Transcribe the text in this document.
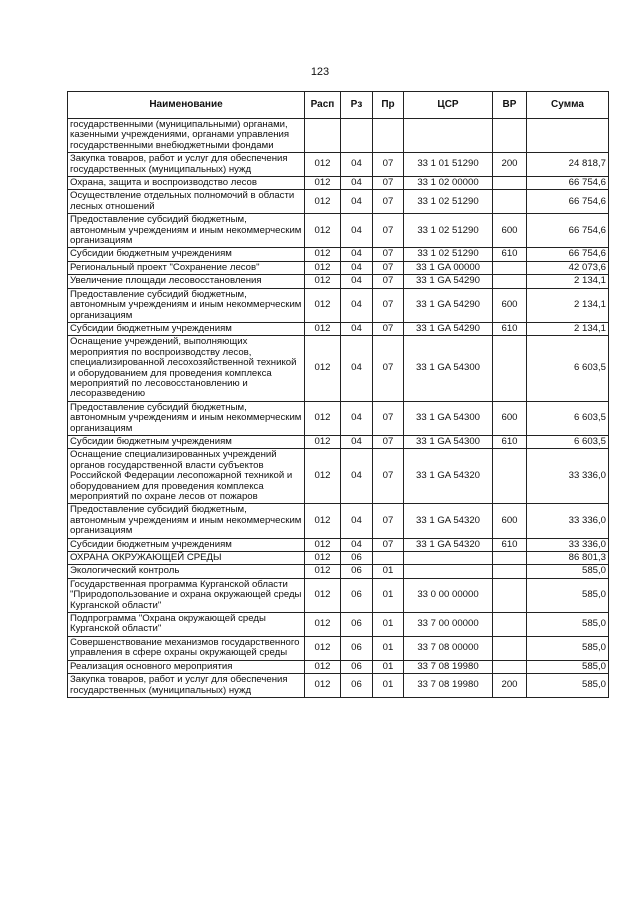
123
Наименование	Расп	Рз	Пр	ЦСР	ВР	Сумма
государственными (муниципальными) органами, казенными учреждениями, органами управления государственными внебюджетными фондами						
Закупка товаров, работ и услуг для обеспечения государственных (муниципальных) нужд	012	04	07	33 1 01 51290	200	24 818,7
Охрана, защита и воспроизводство лесов	012	04	07	33 1 02 00000		66 754,6
Осуществление отдельных полномочий в области лесных отношений	012	04	07	33 1 02 51290		66 754,6
Предоставление субсидий бюджетным, автономным учреждениям и иным некоммерческим организациям	012	04	07	33 1 02 51290	600	66 754,6
Субсидии бюджетным учреждениям	012	04	07	33 1 02 51290	610	66 754,6
Региональный проект "Сохранение лесов"	012	04	07	33 1 GA 00000		42 073,6
Увеличение площади лесовосстановления	012	04	07	33 1 GA 54290		2 134,1
Предоставление субсидий бюджетным, автономным учреждениям и иным некоммерческим организациям	012	04	07	33 1 GA 54290	600	2 134,1
Субсидии бюджетным учреждениям	012	04	07	33 1 GA 54290	610	2 134,1
Оснащение учреждений, выполняющих мероприятия по воспроизводству лесов, специализированной лесохозяйственной техникой и оборудованием для проведения комплекса мероприятий по лесовосстановлению и лесоразведению	012	04	07	33 1 GA 54300		6 603,5
Предоставление субсидий бюджетным, автономным учреждениям и иным некоммерческим организациям	012	04	07	33 1 GA 54300	600	6 603,5
Субсидии бюджетным учреждениям	012	04	07	33 1 GA 54300	610	6 603,5
Оснащение специализированных учреждений органов государственной власти субъектов Российской Федерации лесопожарной техникой и оборудованием для проведения комплекса мероприятий по охране лесов от пожаров	012	04	07	33 1 GA 54320		33 336,0
Предоставление субсидий бюджетным, автономным учреждениям и иным некоммерческим организациям	012	04	07	33 1 GA 54320	600	33 336,0
Субсидии бюджетным учреждениям	012	04	07	33 1 GA 54320	610	33 336,0
ОХРАНА ОКРУЖАЮЩЕЙ СРЕДЫ	012	06				86 801,3
Экологический контроль	012	06	01			585,0
Государственная программа Курганской области "Природопользование и охрана окружающей среды Курганской области"	012	06	01	33 0 00 00000		585,0
Подпрограмма "Охрана окружающей среды Курганской области"	012	06	01	33 7 00 00000		585,0
Совершенствование механизмов государственного управления в сфере охраны окружающей среды	012	06	01	33 7 08 00000		585,0
Реализация основного мероприятия	012	06	01	33 7 08 19980		585,0
Закупка товаров, работ и услуг для обеспечения государственных (муниципальных) нужд	012	06	01	33 7 08 19980	200	585,0
